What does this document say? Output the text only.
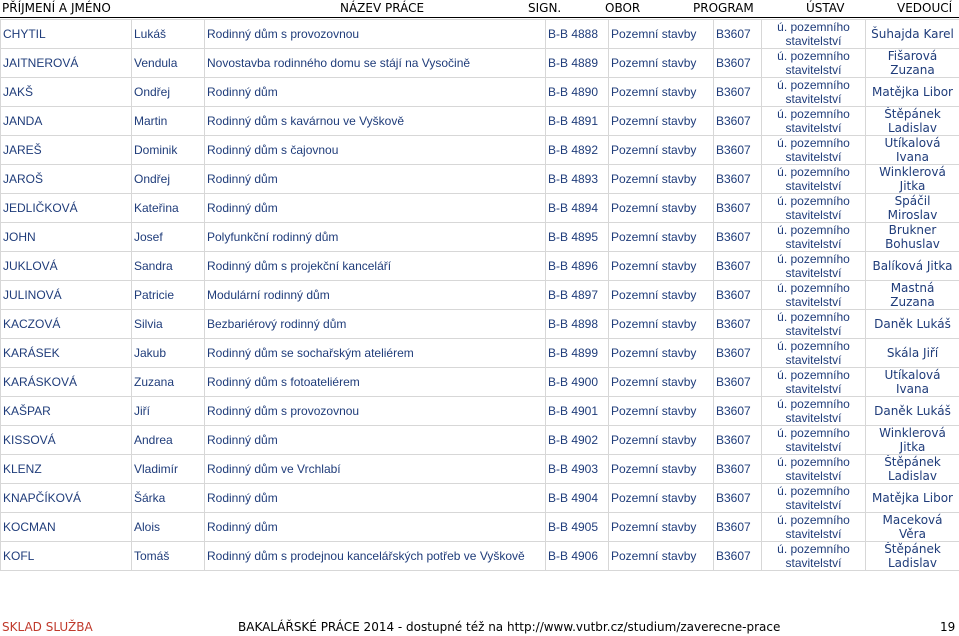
PŘÍJMENÍ A JMÉNO	NÁZEV PRÁCE	SIGN.	OBOR	PROGRAM	ÚSTAV	VEDOUCÍ
CHYTIL	Lukáš	Rodinný dům s provozovnou	B-B 4888	Pozemní stavby	B3607	ú. pozemního stavitelství	Šuhajda Karel
JAITNEROVÁ	Vendula	Novostavba rodinného domu se stájí na Vysočině	B-B 4889	Pozemní stavby	B3607	ú. pozemního stavitelství	Fišarová Zuzana
JAKŠ	Ondřej	Rodinný dům	B-B 4890	Pozemní stavby	B3607	ú. pozemního stavitelství	Matějka Libor
JANDA	Martin	Rodinný dům s kavárnou ve Vyškově	B-B 4891	Pozemní stavby	B3607	ú. pozemního stavitelství	Štěpánek Ladislav
JAREŠ	Dominik	Rodinný dům s čajovnou	B-B 4892	Pozemní stavby	B3607	ú. pozemního stavitelství	Utíkalová Ivana
JAROŠ	Ondřej	Rodinný dům	B-B 4893	Pozemní stavby	B3607	ú. pozemního stavitelství	Winklerová Jitka
JEDLIČKOVÁ	Kateřina	Rodinný dům	B-B 4894	Pozemní stavby	B3607	ú. pozemního stavitelství	Spáčil Miroslav
JOHN	Josef	Polyfunkční rodinný dům	B-B 4895	Pozemní stavby	B3607	ú. pozemního stavitelství	Brukner Bohuslav
JUKLOVÁ	Sandra	Rodinný dům s projekční kanceláří	B-B 4896	Pozemní stavby	B3607	ú. pozemního stavitelství	Balíková Jitka
JULINOVÁ	Patricie	Modulární rodinný dům	B-B 4897	Pozemní stavby	B3607	ú. pozemního stavitelství	Mastná Zuzana
KACZOVÁ	Silvia	Bezbariérový rodinný dům	B-B 4898	Pozemní stavby	B3607	ú. pozemního stavitelství	Daněk Lukáš
KARÁSEK	Jakub	Rodinný dům se sochařským ateliérem	B-B 4899	Pozemní stavby	B3607	ú. pozemního stavitelství	Skála Jiří
KARÁSKOVÁ	Zuzana	Rodinný dům s fotoateliérem	B-B 4900	Pozemní stavby	B3607	ú. pozemního stavitelství	Utíkalová Ivana
KAŠPAR	Jiří	Rodinný dům s provozovnou	B-B 4901	Pozemní stavby	B3607	ú. pozemního stavitelství	Daněk Lukáš
KISSOVÁ	Andrea	Rodinný dům	B-B 4902	Pozemní stavby	B3607	ú. pozemního stavitelství	Winklerová Jitka
KLENZ	Vladimír	Rodinný dům ve Vrchlabí	B-B 4903	Pozemní stavby	B3607	ú. pozemního stavitelství	Štěpánek Ladislav
KNAPČÍKOVÁ	Šárka	Rodinný dům	B-B 4904	Pozemní stavby	B3607	ú. pozemního stavitelství	Matějka Libor
KOCMAN	Alois	Rodinný dům	B-B 4905	Pozemní stavby	B3607	ú. pozemního stavitelství	Maceková Věra
KOFL	Tomáš	Rodinný dům s prodejnou kancelářských potřeb ve Vyškově	B-B 4906	Pozemní stavby	B3607	ú. pozemního stavitelství	Štěpánek Ladislav
SKLAD SLUŽBA	BAKALÁŘSKÉ PRÁCE 2014 - dostupné též na http://www.vutbr.cz/studium/zaverecne-prace	19
